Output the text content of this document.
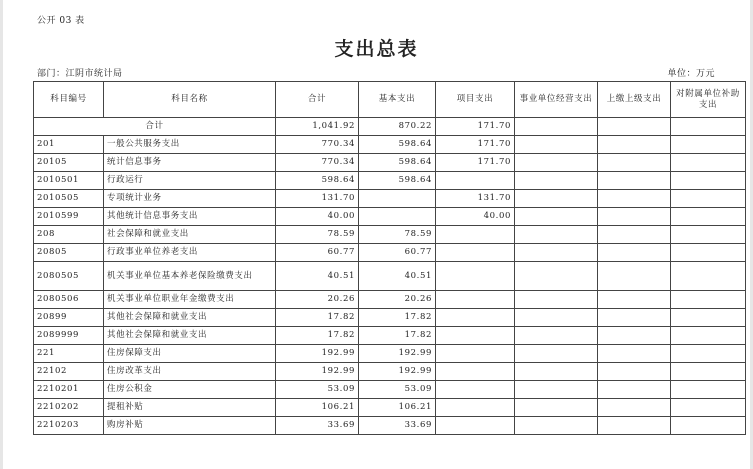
公开 03 表
支出总表
部门：江阴市统计局	单位：万元
科目编号	科目名称	合计	基本支出	项目支出	事业单位经营支出	上缴上级支出	对附属单位补助支出
合计		1,041.92	870.22	171.70			
201	一般公共服务支出	770.34	598.64	171.70			
20105	统计信息事务	770.34	598.64	171.70			
2010501	行政运行	598.64	598.64				
2010505	专项统计业务	131.70		131.70			
2010599	其他统计信息事务支出	40.00		40.00			
208	社会保障和就业支出	78.59	78.59				
20805	行政事业单位养老支出	60.77	60.77				
2080505	机关事业单位基本养老保险缴费支出	40.51	40.51				
2080506	机关事业单位职业年金缴费支出	20.26	20.26				
20899	其他社会保障和就业支出	17.82	17.82				
2089999	其他社会保障和就业支出	17.82	17.82				
221	住房保障支出	192.99	192.99				
22102	住房改革支出	192.99	192.99				
2210201	住房公积金	53.09	53.09				
2210202	提租补贴	106.21	106.21				
2210203	购房补贴	33.69	33.69				
